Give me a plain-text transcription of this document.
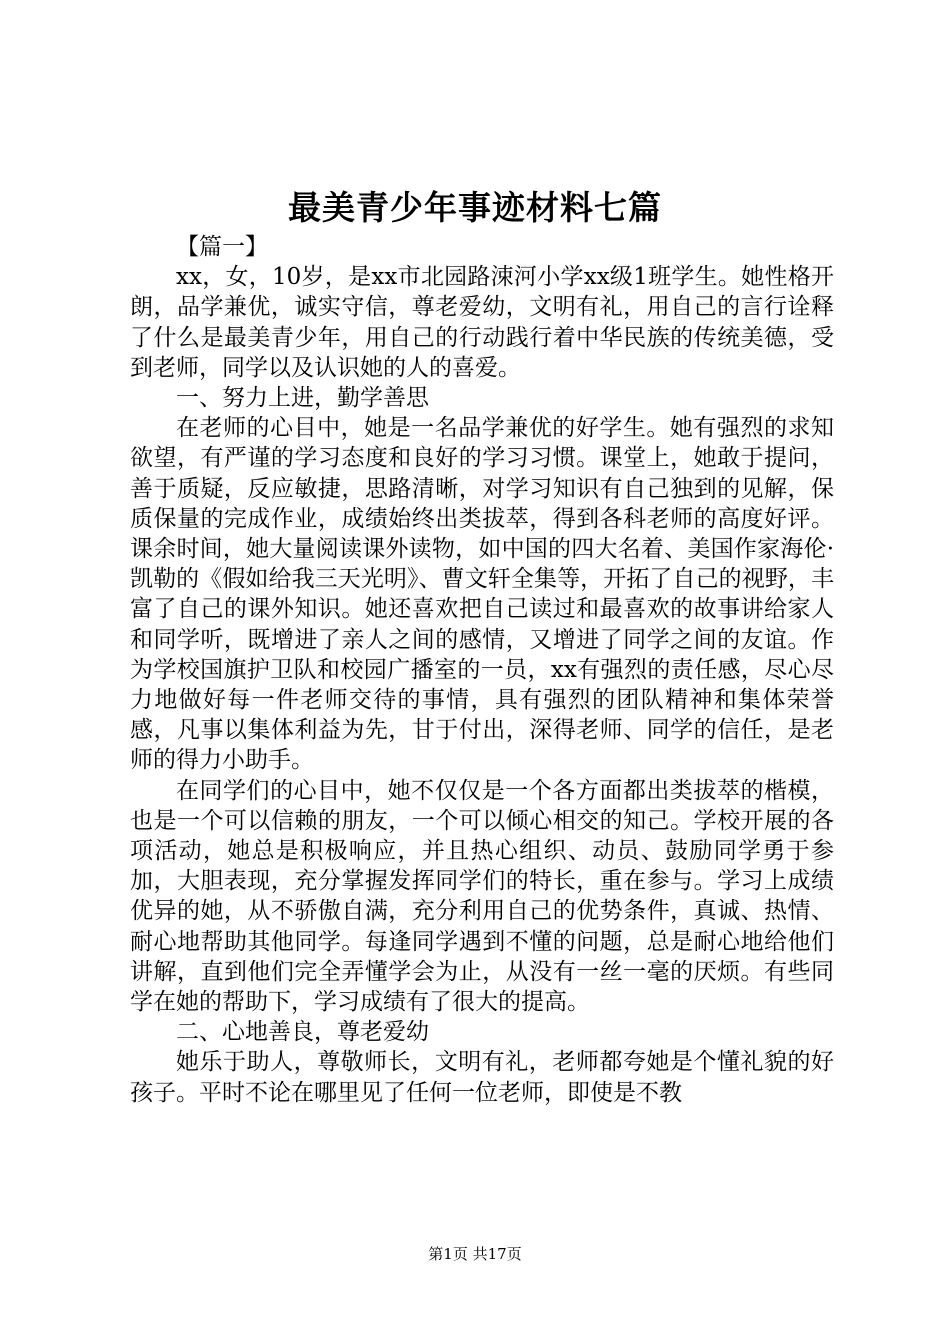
最美青少年事迹材料七篇

【篇一】

xx，女，10岁，是xx市北园路涑河小学xx级1班学生。她性格开朗，品学兼优，诚实守信，尊老爱幼，文明有礼，用自己的言行诠释了什么是最美青少年，用自己的行动践行着中华民族的传统美德，受到老师，同学以及认识她的人的喜爱。

一、努力上进，勤学善思

在老师的心目中，她是一名品学兼优的好学生。她有强烈的求知欲望，有严谨的学习态度和良好的学习习惯。课堂上，她敢于提问，善于质疑，反应敏捷，思路清晰，对学习知识有自己独到的见解，保质保量的完成作业，成绩始终出类拔萃，得到各科老师的高度好评。课余时间，她大量阅读课外读物，如中国的四大名着、美国作家海伦·凯勒的《假如给我三天光明》、曹文轩全集等，开拓了自己的视野，丰富了自己的课外知识。她还喜欢把自己读过和最喜欢的故事讲给家人和同学听，既增进了亲人之间的感情，又增进了同学之间的友谊。作为学校国旗护卫队和校园广播室的一员，xx有强烈的责任感，尽心尽力地做好每一件老师交待的事情，具有强烈的团队精神和集体荣誉感，凡事以集体利益为先，甘于付出，深得老师、同学的信任，是老师的得力小助手。

在同学们的心目中，她不仅仅是一个各方面都出类拔萃的楷模，也是一个可以信赖的朋友，一个可以倾心相交的知己。学校开展的各项活动，她总是积极响应，并且热心组织、动员、鼓励同学勇于参加，大胆表现，充分掌握发挥同学们的特长，重在参与。学习上成绩优异的她，从不骄傲自满，充分利用自己的优势条件，真诚、热情、耐心地帮助其他同学。每逢同学遇到不懂的问题，总是耐心地给他们讲解，直到他们完全弄懂学会为止，从没有一丝一毫的厌烦。有些同学在她的帮助下，学习成绩有了很大的提高。

二、心地善良，尊老爱幼

她乐于助人，尊敬师长，文明有礼，老师都夸她是个懂礼貌的好孩子。平时不论在哪里见了任何一位老师，即使是不教

第1页 共17页
